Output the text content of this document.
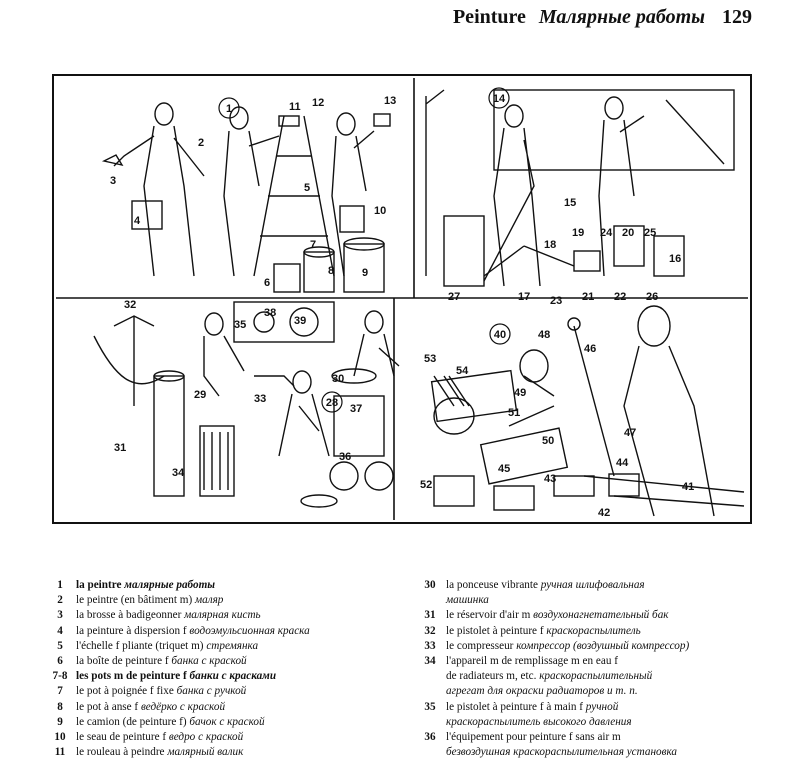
Peinture Малярные работы 129
1
2
3
4
5
6
7
8	9
10
11 12	13	14
15
16
17
18
19	20
21 22
23
24	25
26
27
28
29
30
31
32
33
34
35
36
37
38
39
40
41
42
43
44
45
46
47
48
49
50
51
52
53
54
1	la peintre малярные работы
2	le peintre (en bâtiment m) маляр
3	la brosse à badigeonner малярная кисть
4	la peinture à dispersion f водоэмульсионная краска
5	l'échelle f pliante (triquet m) стремянка
6	la boîte de peinture f банка с краской
7-8 les pots m de peinture f банки с красками
7	le pot à poignée f fixe банка с ручкой
8	le pot à anse f ведёрко с краской
9	le camion (de peinture f) бачок с краской
10 le seau de peinture f ведро с краской
11 le rouleau à peindre малярный валик
30 la ponceuse vibrante ручная шлифовальная
машинка
31 le réservoir d'air m воздухонагнетательный бак
32 le pistolet à peinture f краскораспылитель
33 le compresseur компрессор (воздушный компрессор)
34 l'appareil m de remplissage m en eau f
de radiateurs m, etc. краскораспылительный
агрегат для окраски радиаторов и т. п.
35 le pistolet à peinture f à main f ручной
краскораспылитель высокого давления
36 l'équipement pour peinture f sans air m
безвоздушная краскораспылительная установка
